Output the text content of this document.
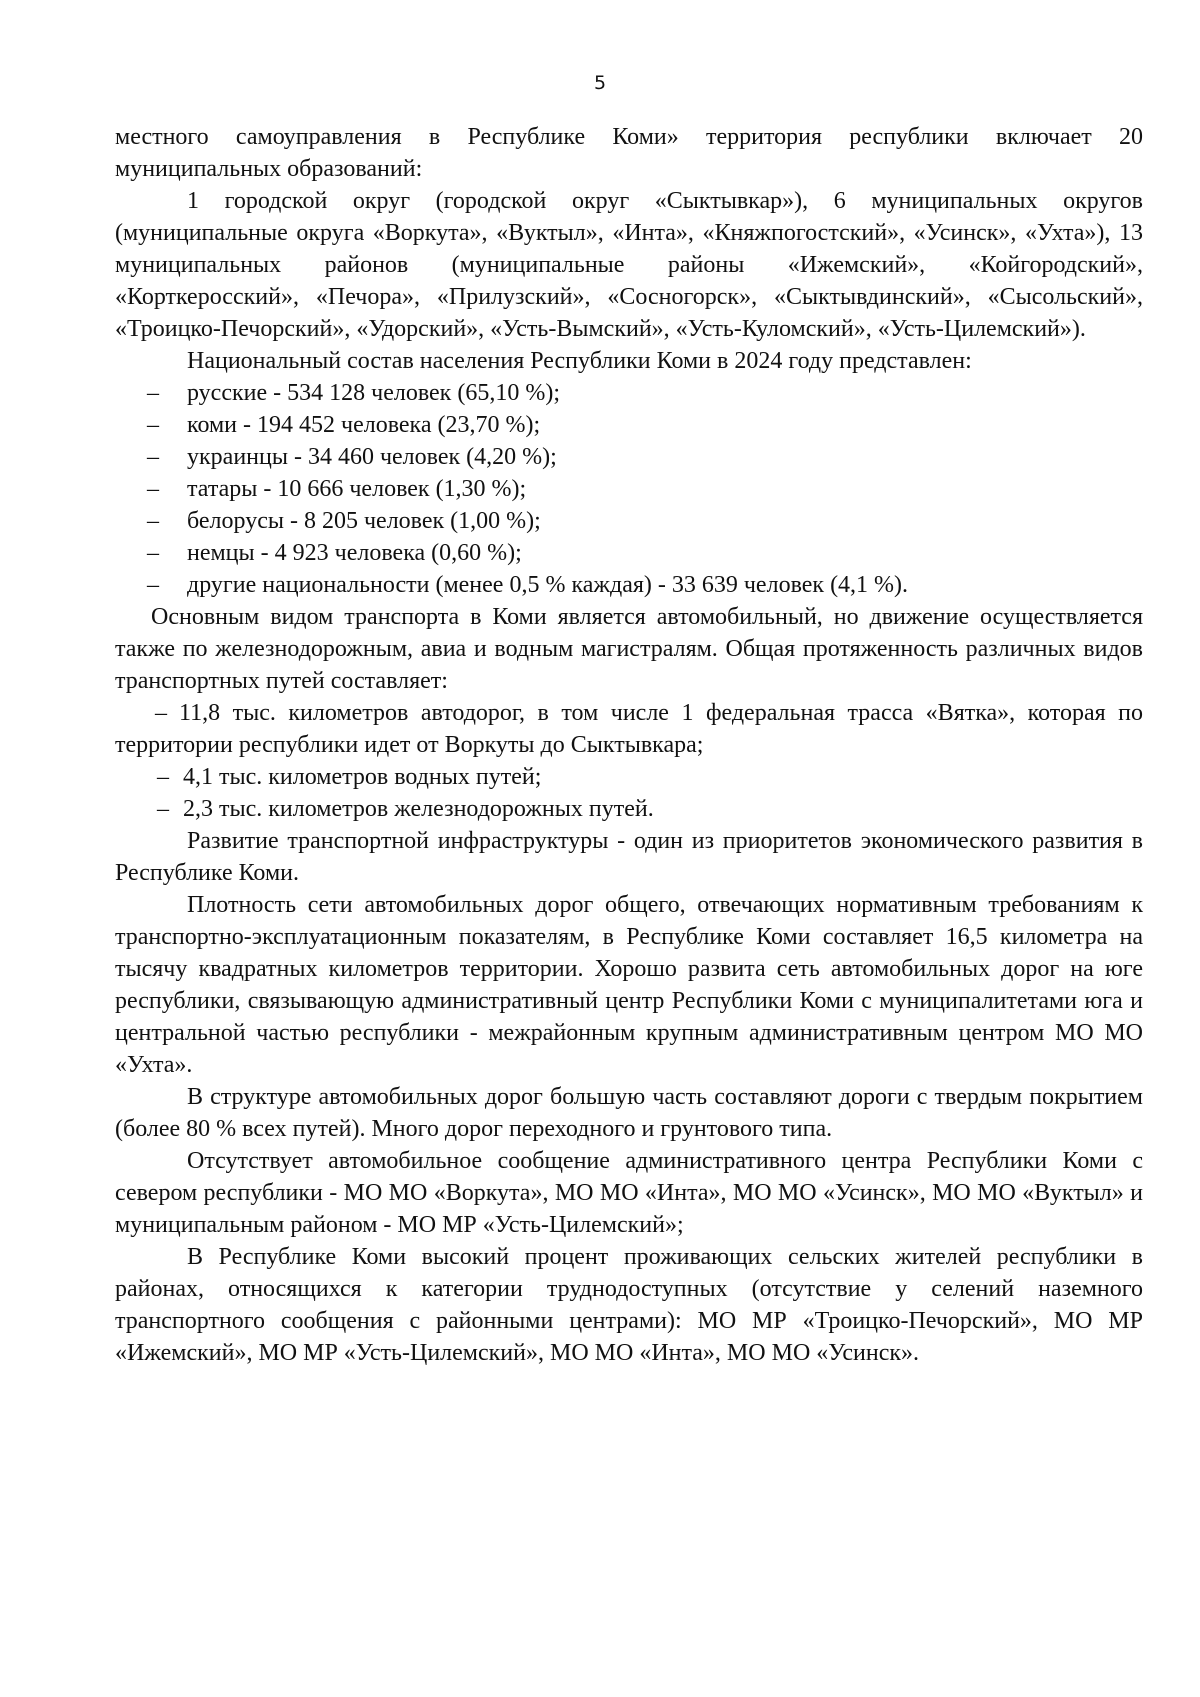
5

местного самоуправления в Республике Коми» территория республики включает 20 муниципальных образований:

1 городской округ (городской округ «Сыктывкар»), 6 муниципальных округов (муниципальные округа «Воркута», «Вуктыл», «Инта», «Княжпогостский», «Усинск», «Ухта»), 13 муниципальных районов (муниципальные районы «Ижемский», «Койгородский», «Корткеросский», «Печора», «Прилузский», «Сосногорск», «Сыктывдинский», «Сысольский», «Троицко-Печорский», «Удорский», «Усть-Вымский», «Усть-Куломский», «Усть-Цилемский»).

Национальный состав населения Республики Коми в 2024 году представлен:

– русские - 534 128 человек (65,10 %);
– коми - 194 452 человека (23,70 %);
– украинцы - 34 460 человек (4,20 %);
– татары - 10 666 человек (1,30 %);
– белорусы - 8 205 человек (1,00 %);
– немцы - 4 923 человека (0,60 %);
– другие национальности (менее 0,5 % каждая) - 33 639 человек (4,1 %).

Основным видом транспорта в Коми является автомобильный, но движение осуществляется также по железнодорожным, авиа и водным магистралям. Общая протяженность различных видов транспортных путей составляет:

– 11,8 тыс. километров автодорог, в том числе 1 федеральная трасса «Вятка», которая по территории республики идет от Воркуты до Сыктывкара;
– 4,1 тыс. километров водных путей;
– 2,3 тыс. километров железнодорожных путей.

Развитие транспортной инфраструктуры - один из приоритетов экономического развития в Республике Коми.

Плотность сети автомобильных дорог общего, отвечающих нормативным требованиям к транспортно-эксплуатационным показателям, в Республике Коми составляет 16,5 километра на тысячу квадратных километров территории. Хорошо развита сеть автомобильных дорог на юге республики, связывающую административный центр Республики Коми с муниципалитетами юга и центральной частью республики - межрайонным крупным административным центром МО МО «Ухта».

В структуре автомобильных дорог большую часть составляют дороги с твердым покрытием (более 80 % всех путей). Много дорог переходного и грунтового типа.

Отсутствует автомобильное сообщение административного центра Республики Коми с севером республики - МО МО «Воркута», МО МО «Инта», МО МО «Усинск», МО МО «Вуктыл» и муниципальным районом - МО МР «Усть-Цилемский»;

В Республике Коми высокий процент проживающих сельских жителей республики в районах, относящихся к категории труднодоступных (отсутствие у селений наземного транспортного сообщения с районными центрами): МО МР «Троицко-Печорский», МО МР «Ижемский», МО МР «Усть-Цилемский», МО МО «Инта», МО МО «Усинск».
